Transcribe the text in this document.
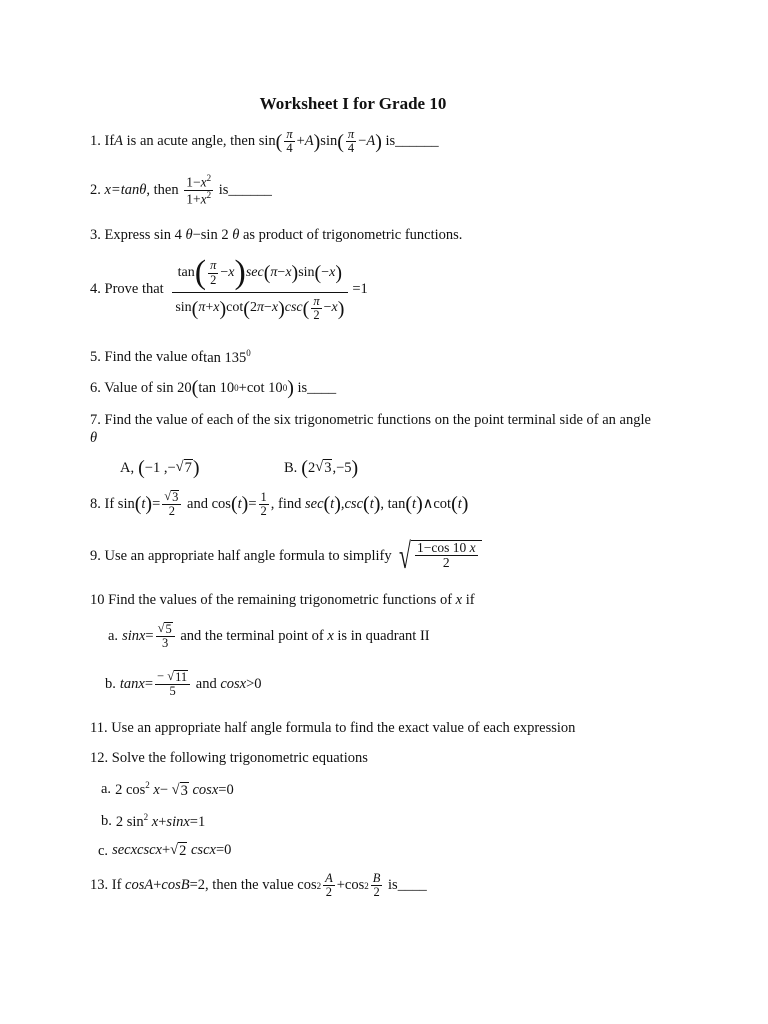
Worksheet I for Grade 10
1. If A is an acute angle, then sin ( $\frac{\pi}{4} + A$ ) sin ( $\frac{\pi}{4} - A$ ) is______
2. x=tanθ , then $\frac{1-x^2}{1+x^2}$ is______
3. Express sin 4 θ−sin 2 θ as product of trigonometric functions.
4. Prove that $\frac{\tan ( \frac{\pi}{2} - x ) \sec ( \pi - x ) \sin ( - x )}{\sin ( \pi + x ) \cot ( 2 \pi - x ) \csc ( \frac{\pi}{2} - x )} =1$
5. Find the value of $\tan 135^0$
6. Value of sin 20 ( tan 10 0 +cot 10 0 ) is____
7. Find the value of each of the six trigonometric functions on the point terminal side of an angle
θ
A, ( −1 ,− √ 7 )	B. ( 2 √ 3 ,−5 )
8. If sin ( t ) = $\frac{√ 3}{2}$ and cos ( t ) = $\frac{1}{2}$ , find sec ( t ) , csc ( t ) , tan ( t ) ∧cot ( t )
9. Use an appropriate half angle formula to simplify √ $\frac{1-\cos 10 x}{2}$
10 Find the values of the remaining trigonometric functions of x if
a. $\sin x = \frac{√ 5}{3}$ and the terminal point of x is in quadrant II
b. $\tan x = \frac{- √ 11}{5}$ and cosx>0
11. Use an appropriate half angle formula to find the exact value of each expression
12. Solve the following trigonometric equations
a. 2 $\cos^2 x-$ √ 3 cosx=0
b. 2 $\sin^2 x+\sin x=1$
c. secxcscx+√ 2 cscx=0
13. If cosA+cosB=2 , then the value $\cos 2 \frac{A}{2} +\cos$ $2 \frac{B}{2}$ is____
